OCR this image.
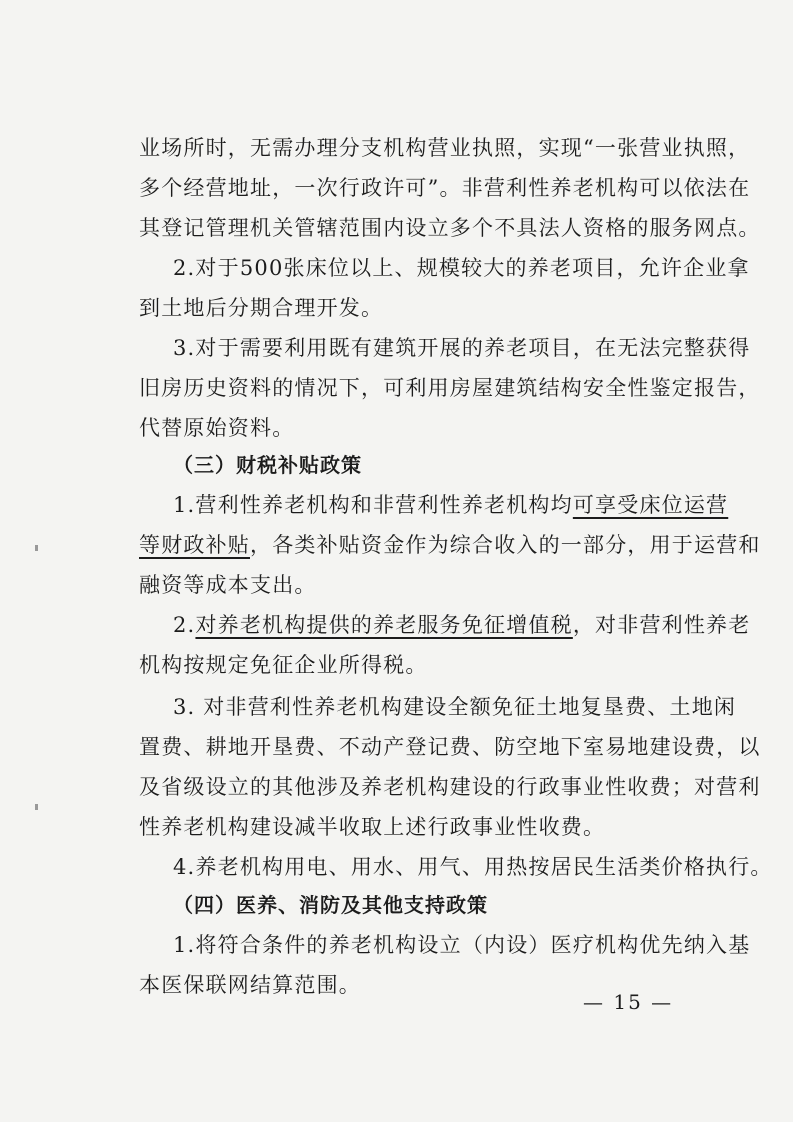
业场所时，无需办理分支机构营业执照，实现“一张营业执照，
多个经营地址，一次行政许可”。非营利性养老机构可以依法在
其登记管理机关管辖范围内设立多个不具法人资格的服务网点。
2.对于500张床位以上、规模较大的养老项目，允许企业拿
到土地后分期合理开发。
3.对于需要利用既有建筑开展的养老项目，在无法完整获得
旧房历史资料的情况下，可利用房屋建筑结构安全性鉴定报告，
代替原始资料。
（三）财税补贴政策
1.营利性养老机构和非营利性养老机构均可享受床位运营
等财政补贴，各类补贴资金作为综合收入的一部分，用于运营和
融资等成本支出。
2.对养老机构提供的养老服务免征增值税，对非营利性养老
机构按规定免征企业所得税。
3. 对非营利性养老机构建设全额免征土地复垦费、土地闲
置费、耕地开垦费、不动产登记费、防空地下室易地建设费，以
及省级设立的其他涉及养老机构建设的行政事业性收费；对营利
性养老机构建设减半收取上述行政事业性收费。
4.养老机构用电、用水、用气、用热按居民生活类价格执行。
（四）医养、消防及其他支持政策
1.将符合条件的养老机构设立（内设）医疗机构优先纳入基
本医保联网结算范围。
— 15 —
